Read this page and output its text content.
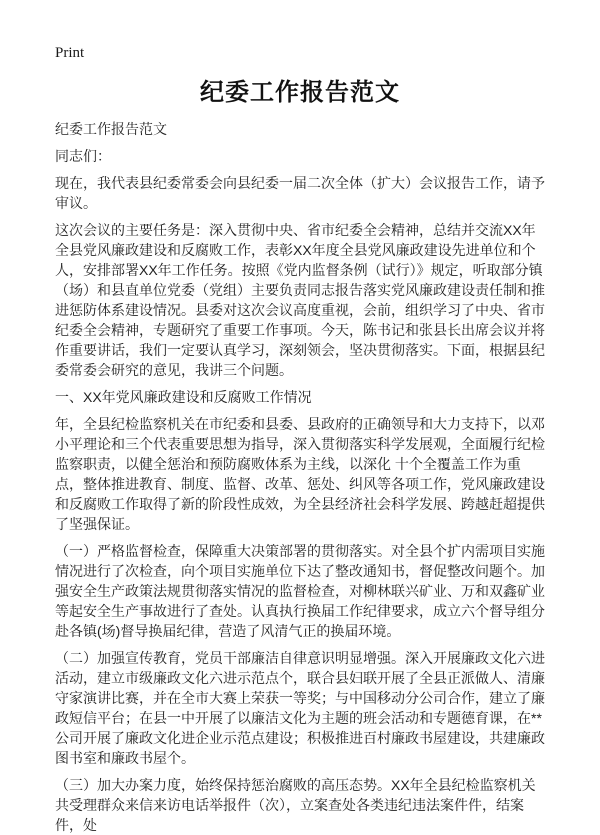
Print
纪委工作报告范文

纪委工作报告范文

同志们：

现在，我代表县纪委常委会向县纪委一届二次全体（扩大）会议报告工作，请予审议。

这次会议的主要任务是：深入贯彻中央、省市纪委全会精神，总结并交流XX年全县党风廉政建设和反腐败工作，表彰XX年度全县党风廉政建设先进单位和个人，安排部署XX年工作任务。按照《党内监督条例（试行）》规定，听取部分镇（场）和县直单位党委（党组）主要负责同志报告落实党风廉政建设责任制和推进惩防体系建设情况。县委对这次会议高度重视，会前，组织学习了中央、省市纪委全会精神，专题研究了重要工作事项。今天，陈书记和张县长出席会议并将作重要讲话，我们一定要认真学习，深刻领会，坚决贯彻落实。下面，根据县纪委常委会研究的意见，我讲三个问题。

一、XX年党风廉政建设和反腐败工作情况

年，全县纪检监察机关在市纪委和县委、县政府的正确领导和大力支持下，以邓小平理论和三个代表重要思想为指导，深入贯彻落实科学发展观，全面履行纪检监察职责，以健全惩治和预防腐败体系为主线，以深化 十个全覆盖工作为重点，整体推进教育、制度、监督、改革、惩处、纠风等各项工作，党风廉政建设和反腐败工作取得了新的阶段性成效，为全县经济社会科学发展、跨越赶超提供了坚强保证。

（一）严格监督检查，保障重大决策部署的贯彻落实。对全县个扩内需项目实施情况进行了次检查，向个项目实施单位下达了整改通知书，督促整改问题个。加强安全生产政策法规贯彻落实情况的监督检查，对柳林联兴矿业、万和双鑫矿业等起安全生产事故进行了查处。认真执行换届工作纪律要求，成立六个督导组分赴各镇(场)督导换届纪律，营造了风清气正的换届环境。

（二）加强宣传教育，党员干部廉洁自律意识明显增强。深入开展廉政文化六进活动，建立市级廉政文化六进示范点个，联合县妇联开展了全县正派做人、清廉守家演讲比赛，并在全市大赛上荣获一等奖；与中国移动分公司合作，建立了廉政短信平台；在县一中开展了以廉洁文化为主题的班会活动和专题德育课，在**公司开展了廉政文化进企业示范点建设；积极推进百村廉政书屋建设，共建廉政图书室和廉政书屋个。

（三）加大办案力度，始终保持惩治腐败的高压态势。XX年全县纪检监察机关共受理群众来信来访电话举报件（次），立案查处各类违纪违法案件件，结案件，处
